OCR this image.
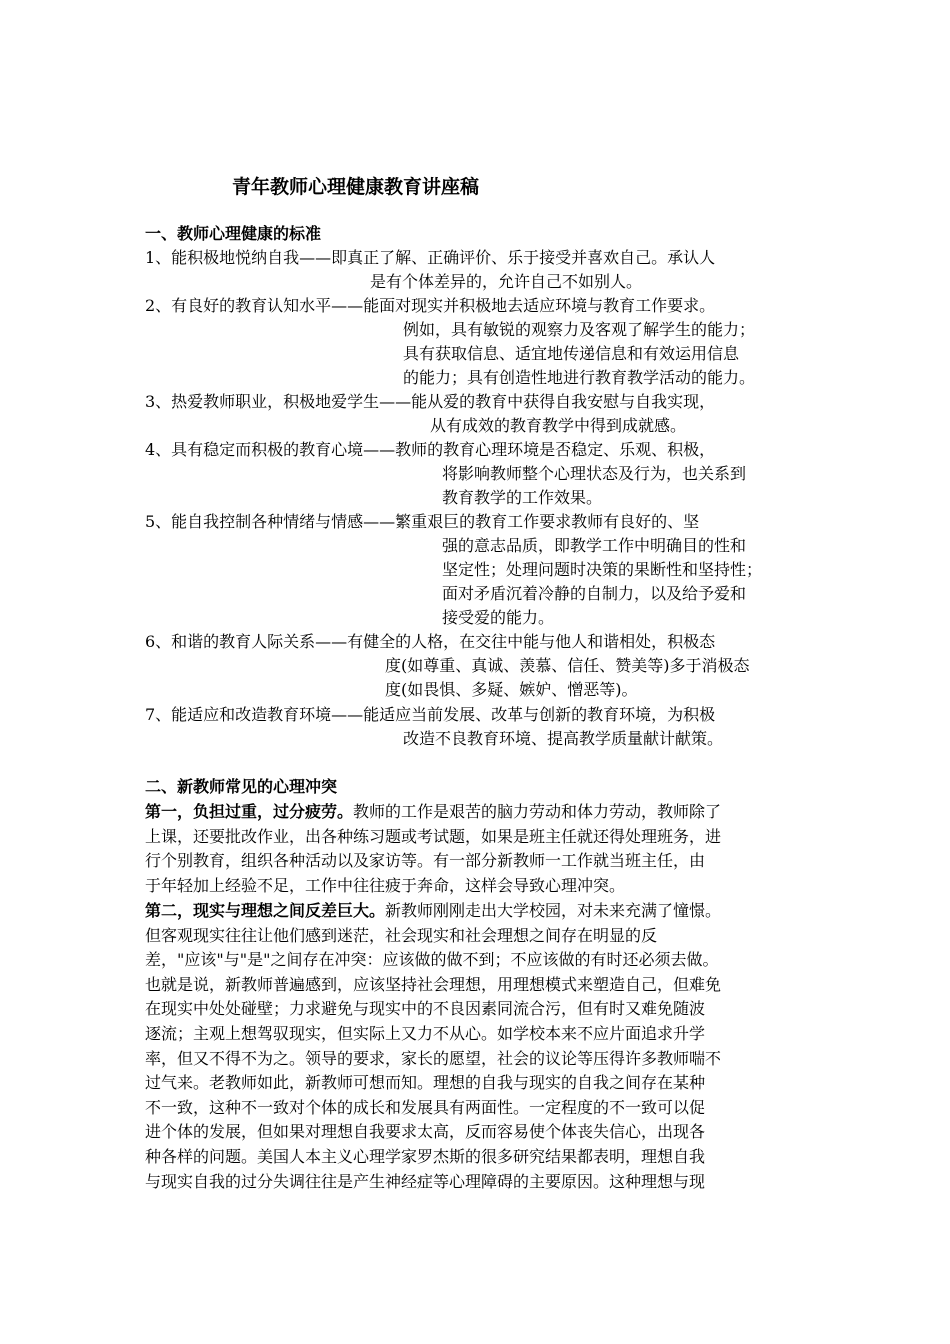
青年教师心理健康教育讲座稿
一、教师心理健康的标准
1、能积极地悦纳自我——即真正了解、正确评价、乐于接受并喜欢自己。承认人
是有个体差异的，允许自己不如别人。
2、有良好的教育认知水平——能面对现实并积极地去适应环境与教育工作要求。
例如，具有敏锐的观察力及客观了解学生的能力；
具有获取信息、适宜地传递信息和有效运用信息
的能力；具有创造性地进行教育教学活动的能力。
3、热爱教师职业，积极地爱学生——能从爱的教育中获得自我安慰与自我实现，
从有成效的教育教学中得到成就感。
4、具有稳定而积极的教育心境——教师的教育心理环境是否稳定、乐观、积极，
将影响教师整个心理状态及行为，也关系到
教育教学的工作效果。
5、能自我控制各种情绪与情感——繁重艰巨的教育工作要求教师有良好的、坚
强的意志品质，即教学工作中明确目的性和
坚定性；处理问题时决策的果断性和坚持性；
面对矛盾沉着冷静的自制力，以及给予爱和
接受爱的能力。
6、和谐的教育人际关系——有健全的人格，在交往中能与他人和谐相处，积极态
度(如尊重、真诚、羡慕、信任、赞美等)多于消极态
度(如畏惧、多疑、嫉妒、憎恶等)。
7、能适应和改造教育环境——能适应当前发展、改革与创新的教育环境，为积极
改造不良教育环境、提高教学质量献计献策。
二、新教师常见的心理冲突
第一，负担过重，过分疲劳。教师的工作是艰苦的脑力劳动和体力劳动，教师除了
上课，还要批改作业，出各种练习题或考试题，如果是班主任就还得处理班务，进
行个别教育，组织各种活动以及家访等。有一部分新教师一工作就当班主任，由
于年轻加上经验不足，工作中往往疲于奔命，这样会导致心理冲突。
第二，现实与理想之间反差巨大。新教师刚刚走出大学校园，对未来充满了憧憬。
但客观现实往往让他们感到迷茫，社会现实和社会理想之间存在明显的反
差，"应该"与"是"之间存在冲突：应该做的做不到；不应该做的有时还必须去做。
也就是说，新教师普遍感到，应该坚持社会理想，用理想模式来塑造自己，但难免
在现实中处处碰壁；力求避免与现实中的不良因素同流合污，但有时又难免随波
逐流；主观上想驾驭现实，但实际上又力不从心。如学校本来不应片面追求升学
率，但又不得不为之。领导的要求，家长的愿望，社会的议论等压得许多教师喘不
过气来。老教师如此，新教师可想而知。理想的自我与现实的自我之间存在某种
不一致，这种不一致对个体的成长和发展具有两面性。一定程度的不一致可以促
进个体的发展，但如果对理想自我要求太高，反而容易使个体丧失信心，出现各
种各样的问题。美国人本主义心理学家罗杰斯的很多研究结果都表明，理想自我
与现实自我的过分失调往往是产生神经症等心理障碍的主要原因。这种理想与现
